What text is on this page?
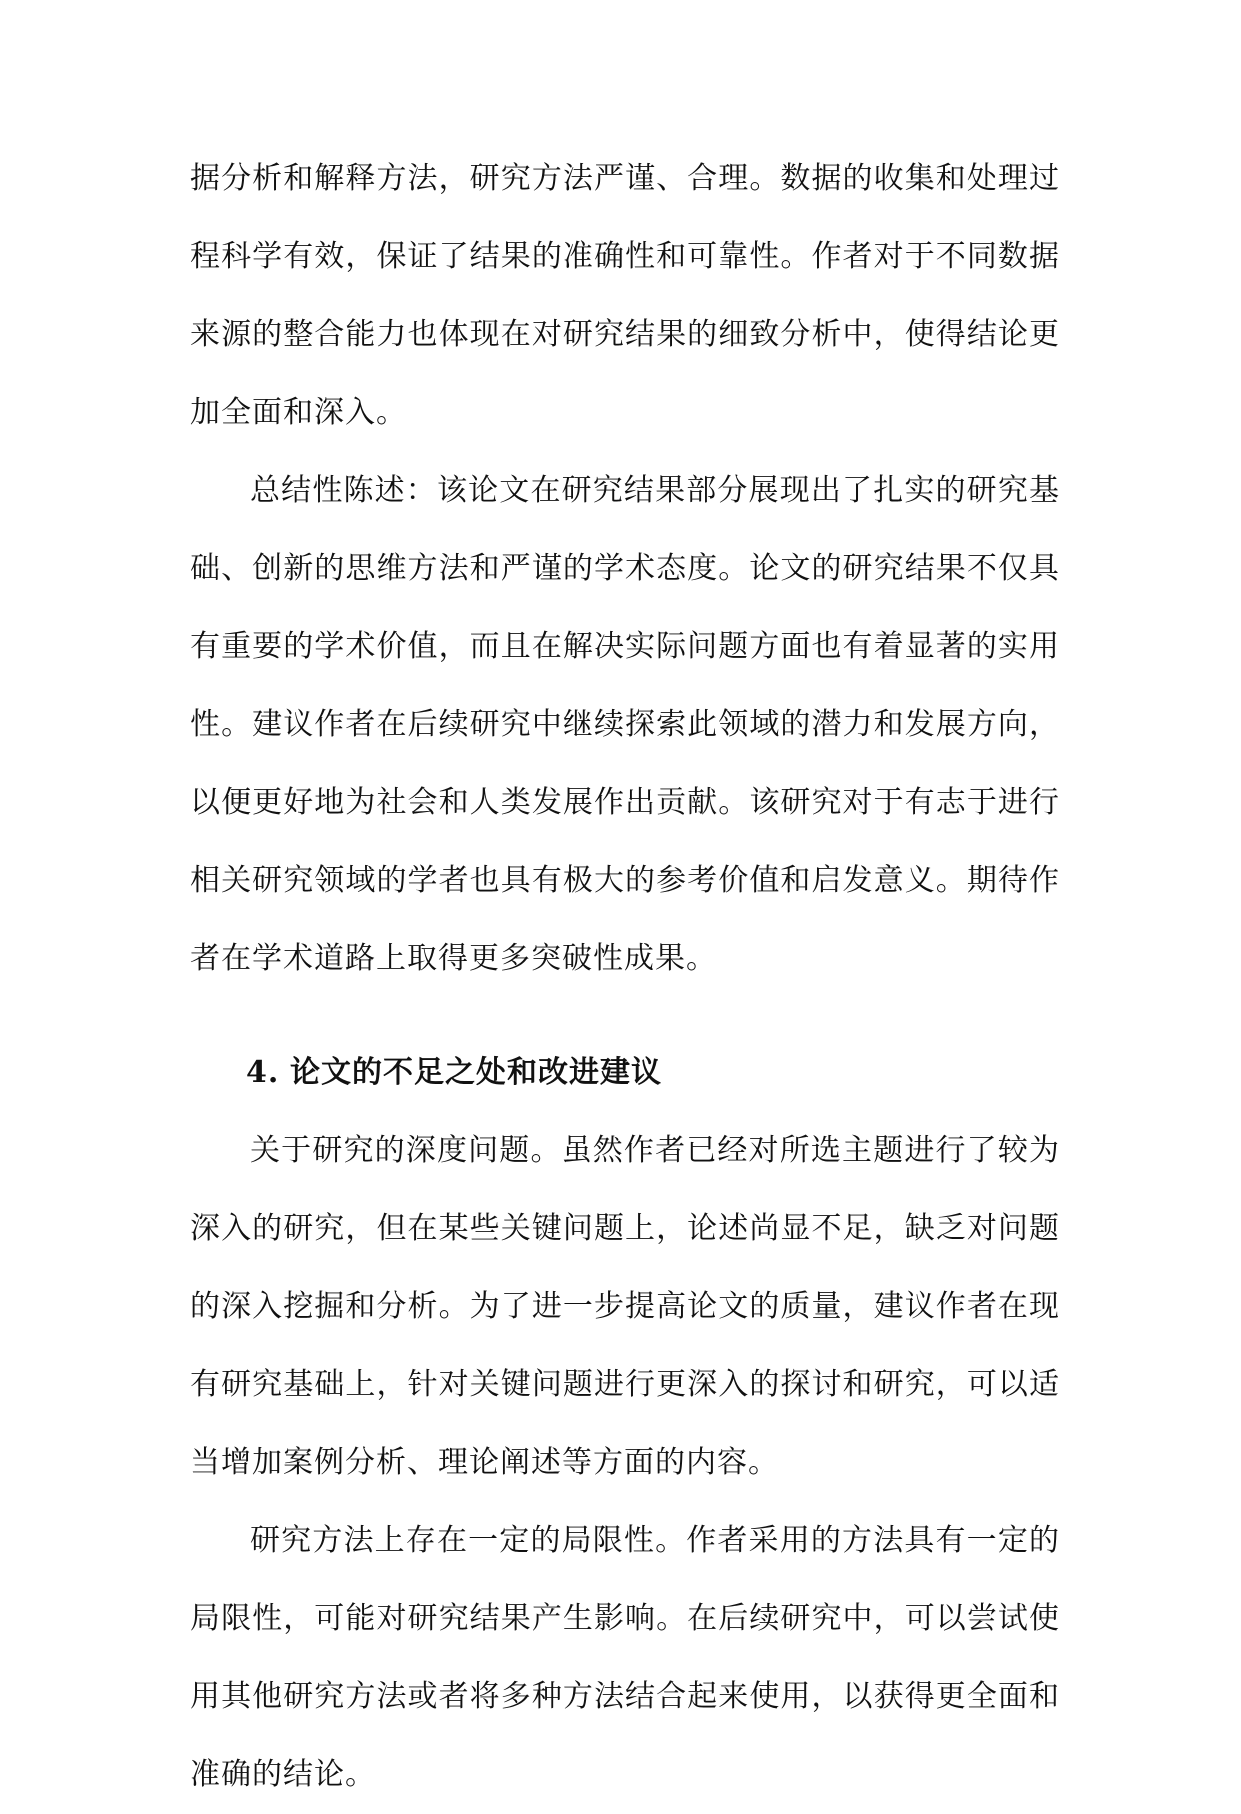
据分析和解释方法，研究方法严谨、合理。数据的收集和处理过程科学有效，保证了结果的准确性和可靠性。作者对于不同数据来源的整合能力也体现在对研究结果的细致分析中，使得结论更加全面和深入。

总结性陈述：该论文在研究结果部分展现出了扎实的研究基础、创新的思维方法和严谨的学术态度。论文的研究结果不仅具有重要的学术价值，而且在解决实际问题方面也有着显著的实用性。建议作者在后续研究中继续探索此领域的潜力和发展方向，以便更好地为社会和人类发展作出贡献。该研究对于有志于进行相关研究领域的学者也具有极大的参考价值和启发意义。期待作者在学术道路上取得更多突破性成果。

4. 论文的不足之处和改进建议

关于研究的深度问题。虽然作者已经对所选主题进行了较为深入的研究，但在某些关键问题上，论述尚显不足，缺乏对问题的深入挖掘和分析。为了进一步提高论文的质量，建议作者在现有研究基础上，针对关键问题进行更深入的探讨和研究，可以适当增加案例分析、理论阐述等方面的内容。

研究方法上存在一定的局限性。作者采用的方法具有一定的局限性，可能对研究结果产生影响。在后续研究中，可以尝试使用其他研究方法或者将多种方法结合起来使用，以获得更全面和准确的结论。
